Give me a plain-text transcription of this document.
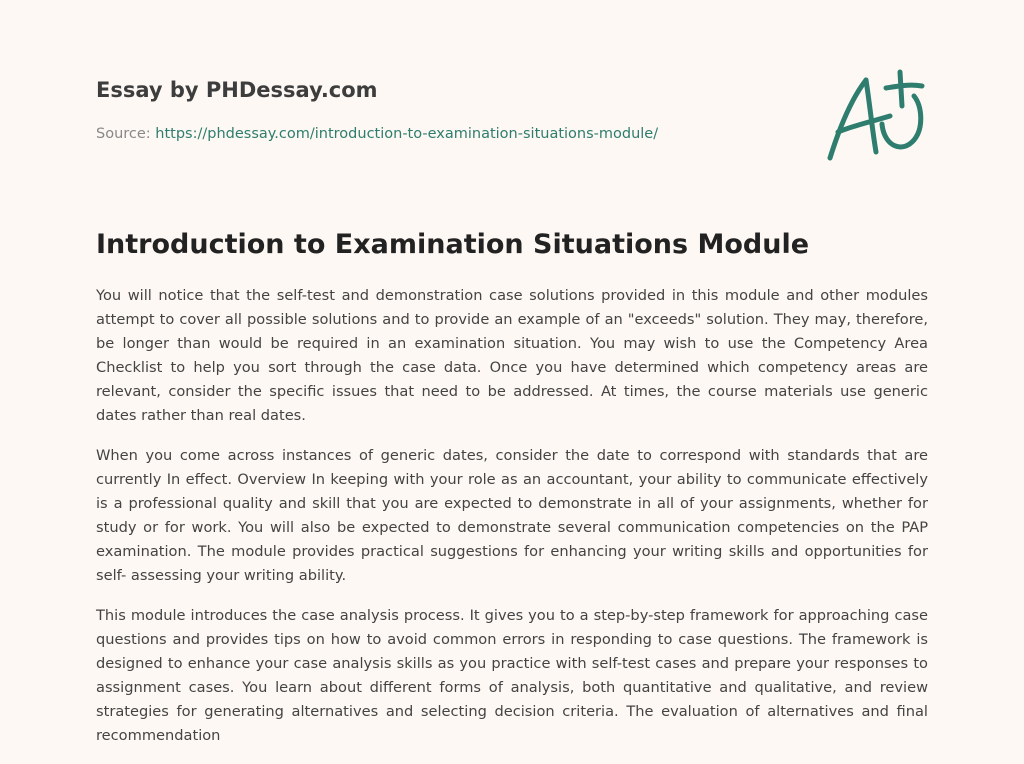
Essay by PHDessay.com
Source: https://phdessay.com/introduction-to-examination-situations-module/
Introduction to Examination Situations Module

You will notice that the self-test and demonstration case solutions provided in this module and other modules attempt to cover all possible solutions and to provide an example of an "exceeds" solution. They may, therefore, be longer than would be required in an examination situation. You may wish to use the Competency Area Checklist to help you sort through the case data. Once you have determined which competency areas are relevant, consider the specific issues that need to be addressed. At times, the course materials use generic dates rather than real dates.

When you come across instances of generic dates, consider the date to correspond with standards that are currently In effect. Overview In keeping with your role as an accountant, your ability to communicate effectively is a professional quality and skill that you are expected to demonstrate in all of your assignments, whether for study or for work. You will also be expected to demonstrate several communication competencies on the PAP examination. The module provides practical suggestions for enhancing your writing skills and opportunities for self- assessing your writing ability.

This module introduces the case analysis process. It gives you to a step-by-step framework for approaching case questions and provides tips on how to avoid common errors in responding to case questions. The framework is designed to enhance your case analysis skills as you practice with self-test cases and prepare your responses to assignment cases. You learn about different forms of analysis, both quantitative and qualitative, and review strategies for generating alternatives and selecting decision criteria. The evaluation of alternatives and final recommendation
